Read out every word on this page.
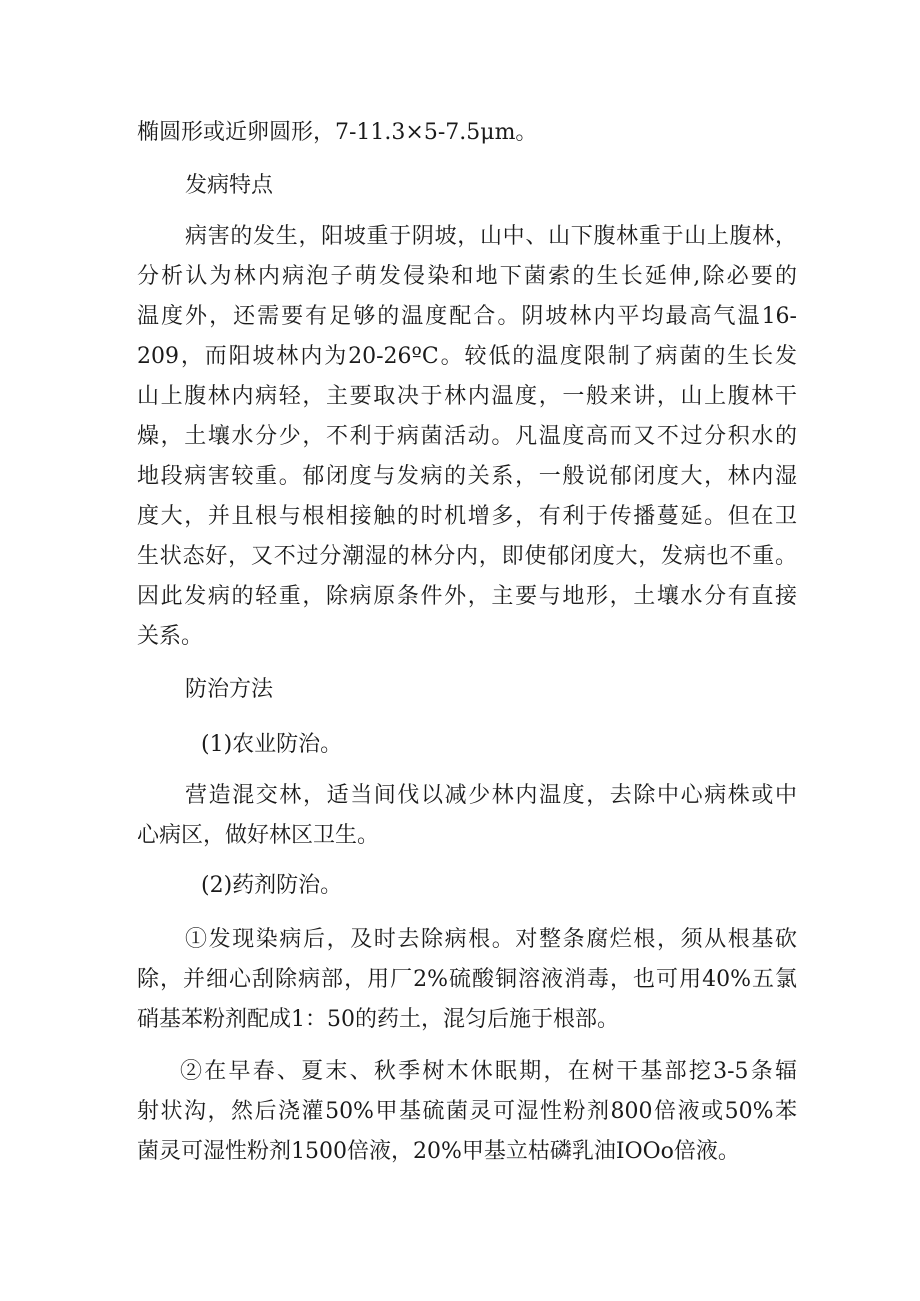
椭圆形或近卵圆形，7-11.3×5-7.5μm。

发病特点

病害的发生，阳坡重于阴坡，山中、山下腹林重于山上腹林，

分析认为林内病泡子萌发侵染和地下菌索的生长延伸,除必要的

温度外，还需要有足够的温度配合。阴坡林内平均最高气温16-

209，而阳坡林内为20-26ºC。较低的温度限制了病菌的生长发

山上腹林内病轻，主要取决于林内温度，一般来讲，山上腹林干

燥，土壤水分少，不利于病菌活动。凡温度高而又不过分积水的

地段病害较重。郁闭度与发病的关系，一般说郁闭度大，林内湿

度大，并且根与根相接触的时机增多，有利于传播蔓延。但在卫

生状态好，又不过分潮湿的林分内，即使郁闭度大，发病也不重。

因此发病的轻重，除病原条件外，主要与地形，土壤水分有直接

关系。

防治方法

(1)农业防治。

营造混交林，适当间伐以减少林内温度，去除中心病株或中

心病区，做好林区卫生。

(2)药剂防治。

①发现染病后，及时去除病根。对整条腐烂根，须从根基砍

除，并细心刮除病部，用厂2%硫酸铜溶液消毒，也可用40%五氯

硝基苯粉剂配成1：50的药土，混匀后施于根部。

②在早春、夏末、秋季树木休眠期，在树干基部挖3-5条辐

射状沟，然后浇灌50%甲基硫菌灵可湿性粉剂800倍液或50%苯

菌灵可湿性粉剂1500倍液，20%甲基立枯磷乳油IOOo倍液。
